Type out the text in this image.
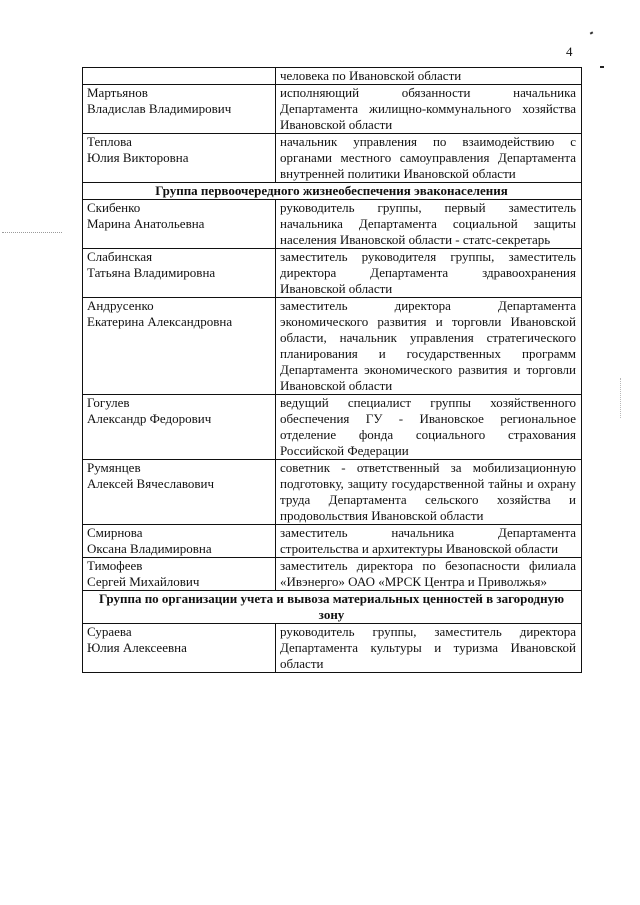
4
	человека по Ивановской области

Мартьянов
Владислав Владимирович	исполняющий обязанности начальника Департамента жилищно-коммунального хозяйства Ивановской области

Теплова
Юлия Викторовна	начальник управления по взаимодействию с органами местного самоуправления Департамента внутренней политики Ивановской области
Группа первоочередного жизнеобеспечения эваконаселения	

Скибенко
Марина Анатольевна	руководитель группы, первый заместитель начальника Департамента социальной защиты населения Ивановской области - статс-секретарь

Слабинская
Татьяна Владимировна	заместитель руководителя группы, заместитель директора Департамента здравоохранения Ивановской области

Андрусенко
Екатерина Александровна	заместитель директора Департамента экономического развития и торговли Ивановской области, начальник управления стратегического планирования и государственных программ Департамента экономического развития и торговли Ивановской области

Гогулев
Александр Федорович	ведущий специалист группы хозяйственного обеспечения ГУ - Ивановское региональное отделение фонда социального страхования Российской Федерации

Румянцев
Алексей Вячеславович	советник - ответственный за мобилизационную подготовку, защиту государственной тайны и охрану труда Департамента сельского хозяйства и продовольствия Ивановской области

Смирнова
Оксана Владимировна	заместитель начальника Департамента строительства и архитектуры Ивановской области

Тимофеев
Сергей Михайлович	заместитель директора по безопасности филиала «Ивэнерго» ОАО «МРСК Центра и Приволжья»
Группа по организации учета и вывоза материальных ценностей в загородную зону	

Сураева
Юлия Алексеевна	руководитель группы, заместитель директора Департамента культуры и туризма Ивановской области
